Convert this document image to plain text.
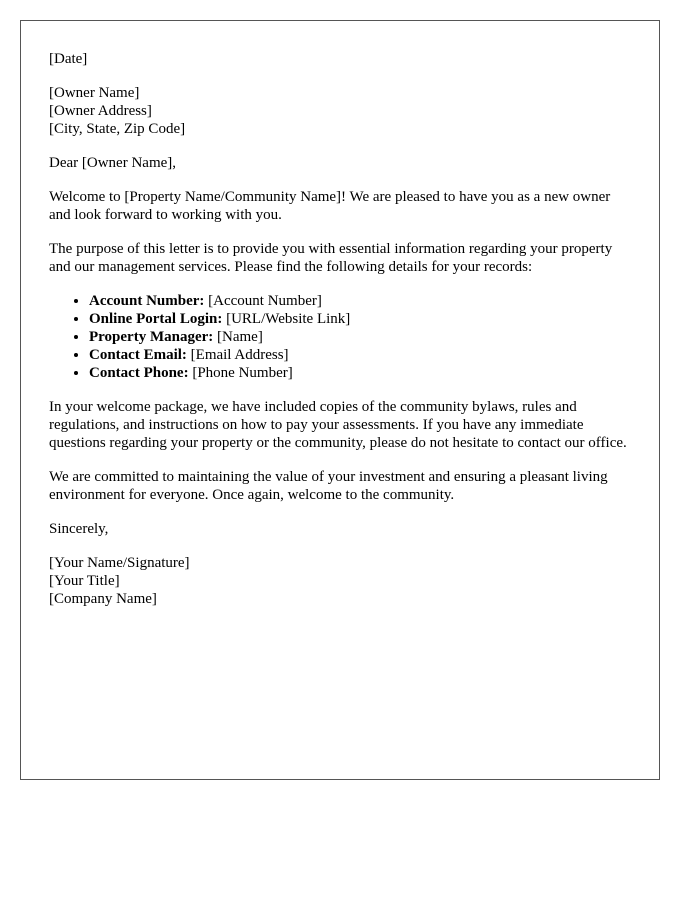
[Date]

[Owner Name]
[Owner Address]
[City, State, Zip Code]

Dear [Owner Name],

Welcome to [Property Name/Community Name]! We are pleased to have you as a new owner and look forward to working with you.

The purpose of this letter is to provide you with essential information regarding your property and our management services. Please find the following details for your records:

• Account Number: [Account Number]
• Online Portal Login: [URL/Website Link]
• Property Manager: [Name]
• Contact Email: [Email Address]
• Contact Phone: [Phone Number]

In your welcome package, we have included copies of the community bylaws, rules and regulations, and instructions on how to pay your assessments. If you have any immediate questions regarding your property or the community, please do not hesitate to contact our office.

We are committed to maintaining the value of your investment and ensuring a pleasant living environment for everyone. Once again, welcome to the community.

Sincerely,

[Your Name/Signature]
[Your Title]
[Company Name]
